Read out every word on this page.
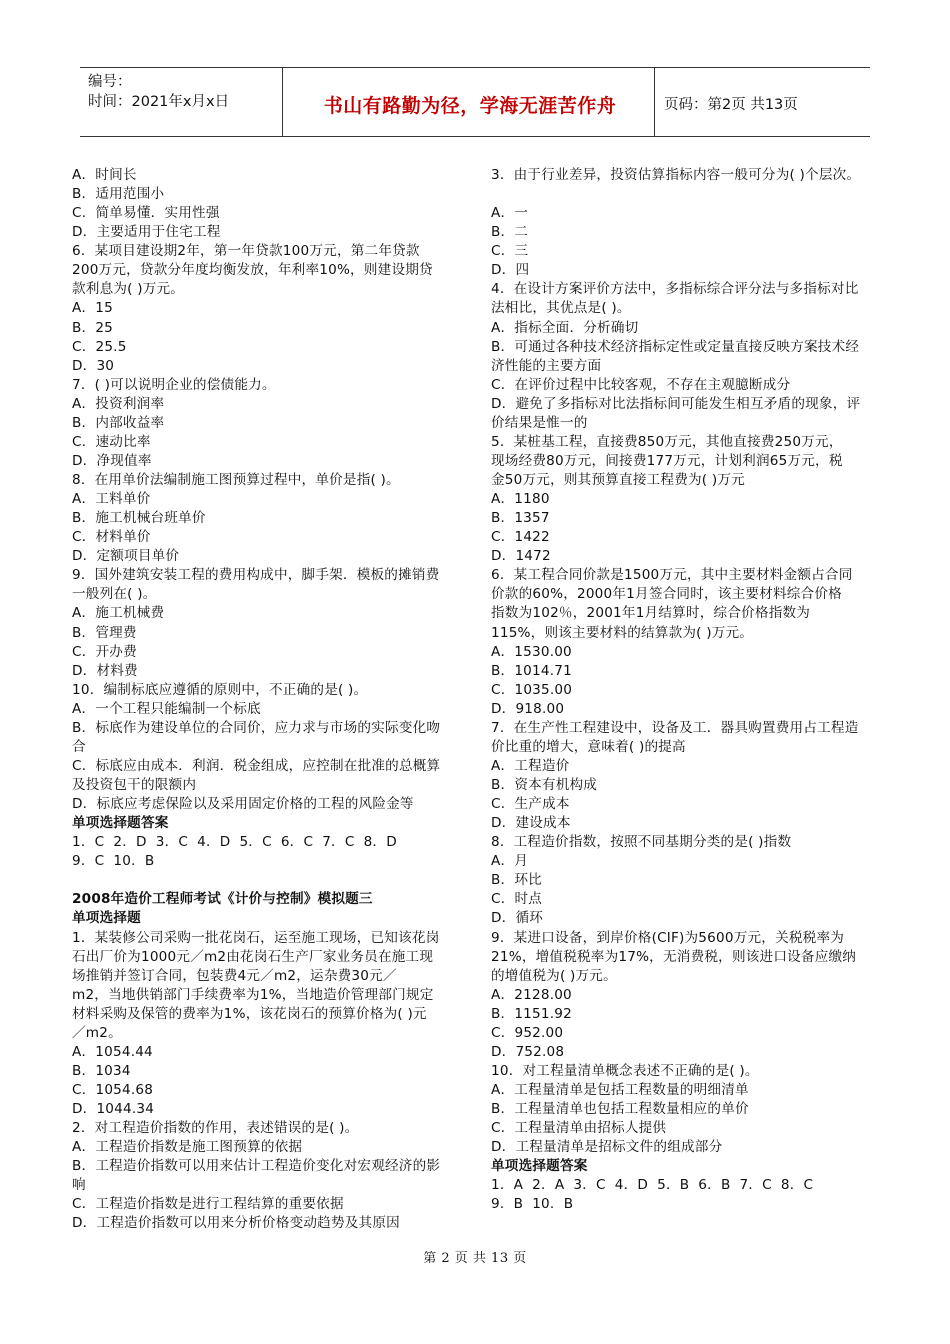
编号：
时间：2021年x月x日	书山有路勤为径，学海无涯苦作舟	页码：第2页 共13页
A．时间长
B．适用范围小
C．简单易懂．实用性强
D．主要适用于住宅工程
6．某项目建设期2年，第一年贷款100万元，第二年贷款
200万元，贷款分年度均衡发放，年利率10%，则建设期贷
款利息为( )万元。
A．15
B．25
C．25.5
D．30
7．( )可以说明企业的偿债能力。
A．投资利润率
B．内部收益率
C．速动比率
D．净现值率
8．在用单价法编制施工图预算过程中，单价是指( )。
A．工料单价
B．施工机械台班单价
C．材料单价
D．定额项目单价
9．国外建筑安装工程的费用构成中，脚手架．模板的摊销费
一般列在( )。
A．施工机械费
B．管理费
C．开办费
D．材料费
10．编制标底应遵循的原则中，不正确的是( )。
A．一个工程只能编制一个标底
B．标底作为建设单位的合同价，应力求与市场的实际变化吻
合
C．标底应由成本．利润．税金组成，应控制在批准的总概算
及投资包干的限额内
D．标底应考虑保险以及采用固定价格的工程的风险金等
单项选择题答案
1．C  2．D  3．C  4．D  5．C  6．C  7．C  8．D
9．C  10．B
2008年造价工程师考试《计价与控制》模拟题三
单项选择题
1．某装修公司采购一批花岗石，运至施工现场，已知该花岗
石出厂价为1000元／m2由花岗石生产厂家业务员在施工现
场推销并签订合同，包装费4元／m2，运杂费30元／
m2，当地供销部门手续费率为1%，当地造价管理部门规定
材料采购及保管的费率为1%，该花岗石的预算价格为( )元
／m2。
A．1054.44
B．1034
C．1054.68
D．1044.34
2．对工程造价指数的作用，表述错误的是( )。
A．工程造价指数是施工图预算的依据
B．工程造价指数可以用来估计工程造价变化对宏观经济的影
响
C．工程造价指数是进行工程结算的重要依据
D．工程造价指数可以用来分析价格变动趋势及其原因
3．由于行业差异，投资估算指标内容一般可分为( )个层次。
A．一
B．二
C．三
D．四
4．在设计方案评价方法中，多指标综合评分法与多指标对比
法相比，其优点是( )。
A．指标全面．分析确切
B．可通过各种技术经济指标定性或定量直接反映方案技术经
济性能的主要方面
C．在评价过程中比较客观，不存在主观臆断成分
D．避免了多指标对比法指标间可能发生相互矛盾的现象，评
价结果是惟一的
5．某桩基工程，直接费850万元，其他直接费250万元，
现场经费80万元，间接费177万元，计划利润65万元，税
金50万元，则其预算直接工程费为( )万元
A．1180
B．1357
C．1422
D．1472
6．某工程合同价款是1500万元，其中主要材料金额占合同
价款的60%，2000年1月签合同时，该主要材料综合价格
指数为102％，2001年1月结算时，综合价格指数为
115%，则该主要材料的结算款为( )万元。
A．1530.00
B．1014.71
C．1035.00
D．918.00
7．在生产性工程建设中，设备及工．器具购置费用占工程造
价比重的增大，意味着( )的提高
A．工程造价
B．资本有机构成
C．生产成本
D．建设成本
8．工程造价指数，按照不同基期分类的是( )指数
A．月
B．环比
C．时点
D．循环
9．某进口设备，到岸价格(CIF)为5600万元，关税税率为
21%，增值税税率为17%，无消费税，则该进口设备应缴纳
的增值税为( )万元。
A．2128.00
B．1151.92
C．952.00
D．752.08
10．对工程量清单概念表述不正确的是( )。
A．工程量清单是包括工程数量的明细清单
B．工程量清单也包括工程数量相应的单价
C．工程量清单由招标人提供
D．工程量清单是招标文件的组成部分
单项选择题答案
1．A  2．A  3．C  4．D  5．B  6．B  7．C  8．C
9．B  10．B
第 2 页 共 13 页
